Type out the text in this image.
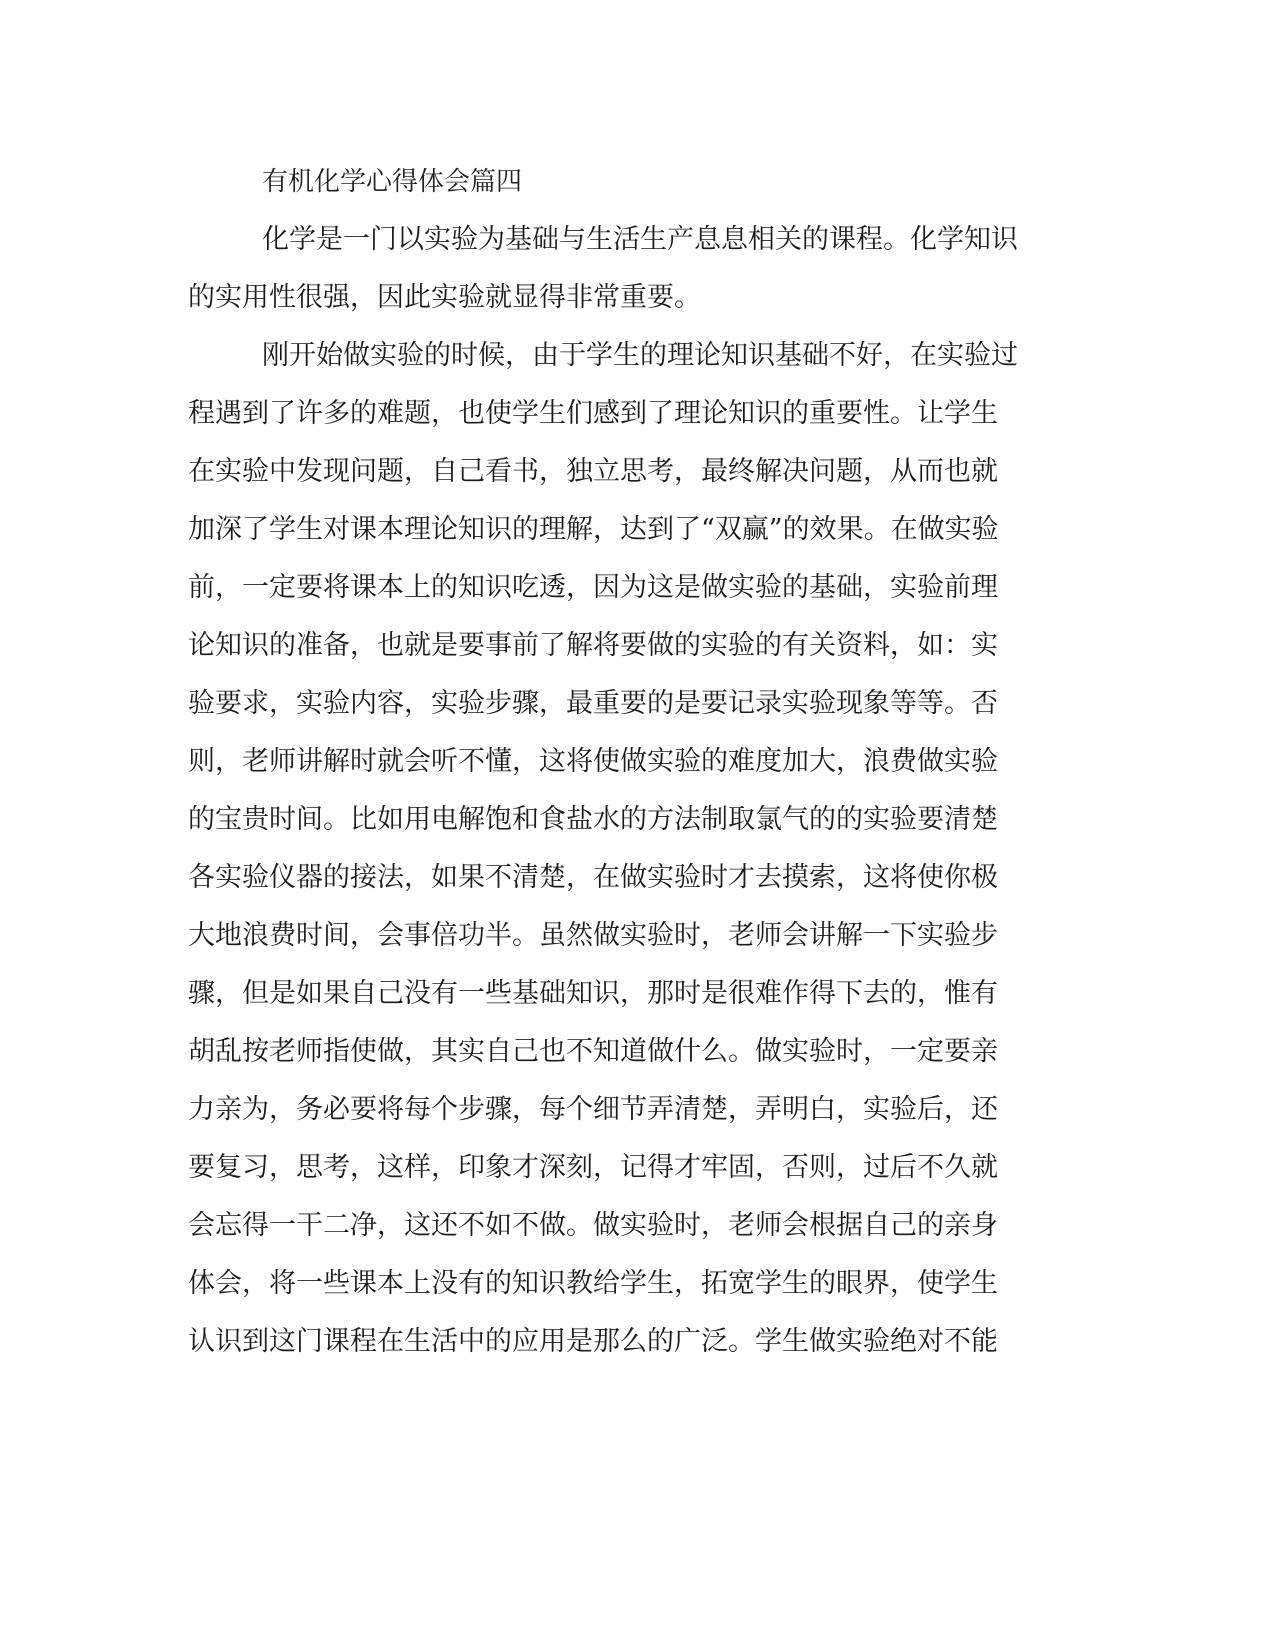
有机化学心得体会篇四
化学是一门以实验为基础与生活生产息息相关的课程。化学知识
的实用性很强，因此实验就显得非常重要。
刚开始做实验的时候，由于学生的理论知识基础不好，在实验过
程遇到了许多的难题，也使学生们感到了理论知识的重要性。让学生
在实验中发现问题，自己看书，独立思考，最终解决问题，从而也就
加深了学生对课本理论知识的理解，达到了“双赢”的效果。在做实验
前，一定要将课本上的知识吃透，因为这是做实验的基础，实验前理
论知识的准备，也就是要事前了解将要做的实验的有关资料，如：实
验要求，实验内容，实验步骤，最重要的是要记录实验现象等等。否
则，老师讲解时就会听不懂，这将使做实验的难度加大，浪费做实验
的宝贵时间。比如用电解饱和食盐水的方法制取氯气的的实验要清楚
各实验仪器的接法，如果不清楚，在做实验时才去摸索，这将使你极
大地浪费时间，会事倍功半。虽然做实验时，老师会讲解一下实验步
骤，但是如果自己没有一些基础知识，那时是很难作得下去的，惟有
胡乱按老师指使做，其实自己也不知道做什么。做实验时，一定要亲
力亲为，务必要将每个步骤，每个细节弄清楚，弄明白，实验后，还
要复习，思考，这样，印象才深刻，记得才牢固，否则，过后不久就
会忘得一干二净，这还不如不做。做实验时，老师会根据自己的亲身
体会，将一些课本上没有的知识教给学生，拓宽学生的眼界，使学生
认识到这门课程在生活中的应用是那么的广泛。学生做实验绝对不能
